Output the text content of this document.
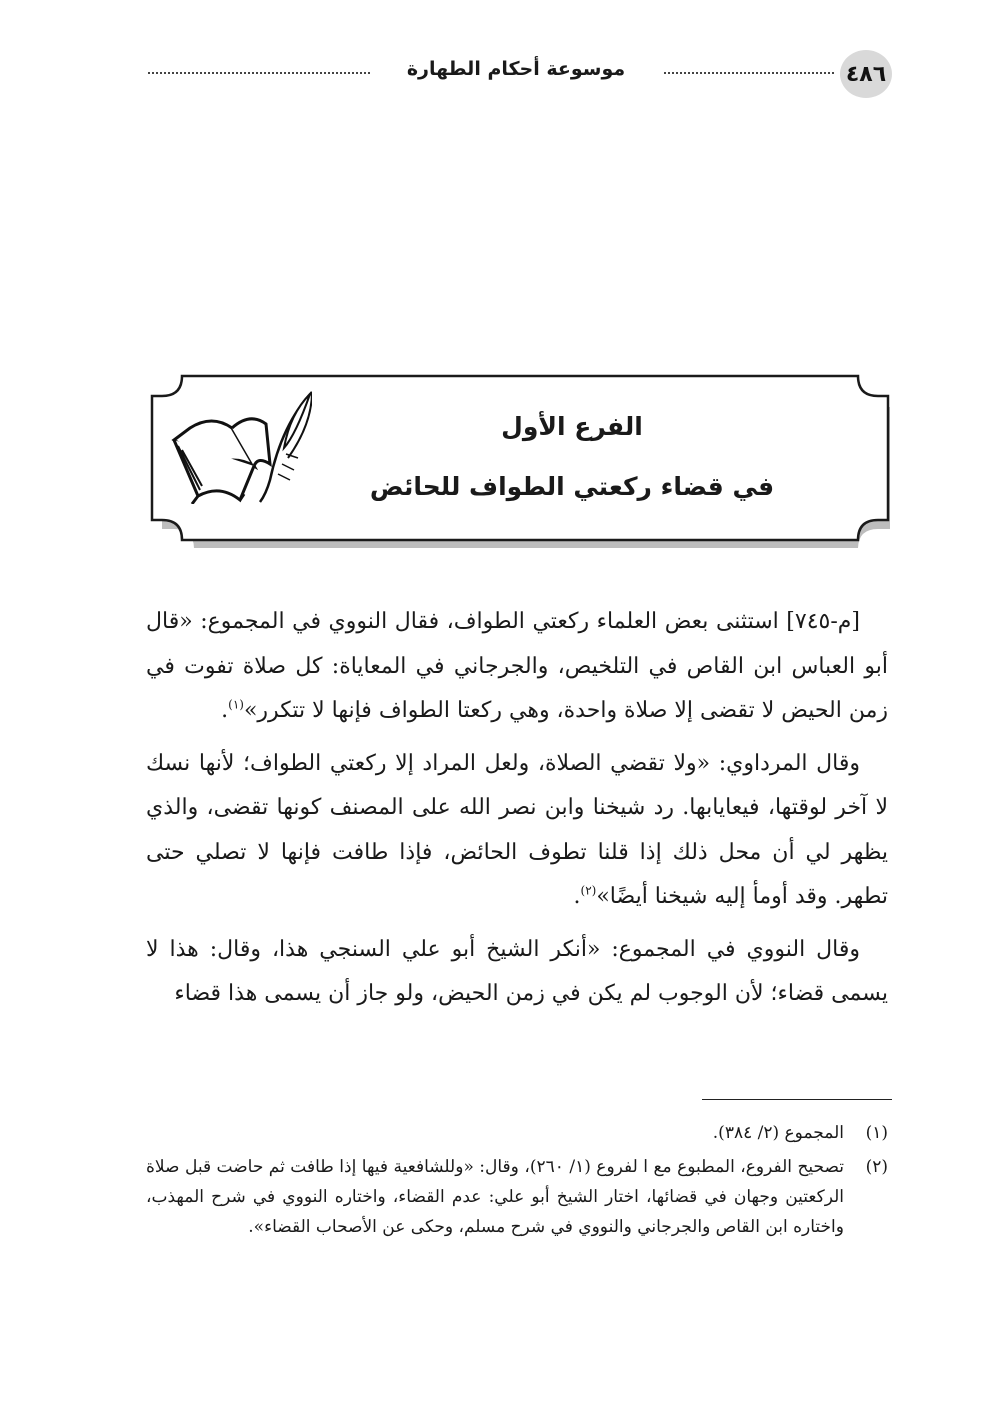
٤٨٦
موسوعة أحكام الطهارة
الفرع الأول
في قضاء ركعتي الطواف للحائض

[م-٧٤٥] استثنى بعض العلماء ركعتي الطواف، فقال النووي في المجموع: «قال أبو العباس ابن القاص في التلخيص، والجرجاني في المعاياة: كل صلاة تفوت في زمن الحيض لا تقضى إلا صلاة واحدة، وهي ركعتا الطواف فإنها لا تتكرر»$^{(١)}$.

وقال المرداوي: «ولا تقضي الصلاة، ولعل المراد إلا ركعتي الطواف؛ لأنها نسك لا آخر لوقتها، فيعايابها. رد شيخنا وابن نصر الله على المصنف كونها تقضى، والذي يظهر لي أن محل ذلك إذا قلنا تطوف الحائض، فإذا طافت فإنها لا تصلي حتى تطهر. وقد أومأ إليه شيخنا أيضًا»$^{(٢)}$.

وقال النووي في المجموع: «أنكر الشيخ أبو علي السنجي هذا، وقال: هذا لا يسمى قضاء؛ لأن الوجوب لم يكن في زمن الحيض، ولو جاز أن يسمى هذا قضاء

(١)
المجموع (٢/ ٣٨٤).
(٢)
تصحيح الفروع، المطبوع مع ا لفروع (١/ ٢٦٠)، وقال: «وللشافعية فيها إذا طافت ثم حاضت قبل صلاة الركعتين وجهان في قضائها، اختار الشيخ أبو علي: عدم القضاء، واختاره النووي في شرح المهذب، واختاره ابن القاص والجرجاني والنووي في شرح مسلم، وحكى عن الأصحاب القضاء».
